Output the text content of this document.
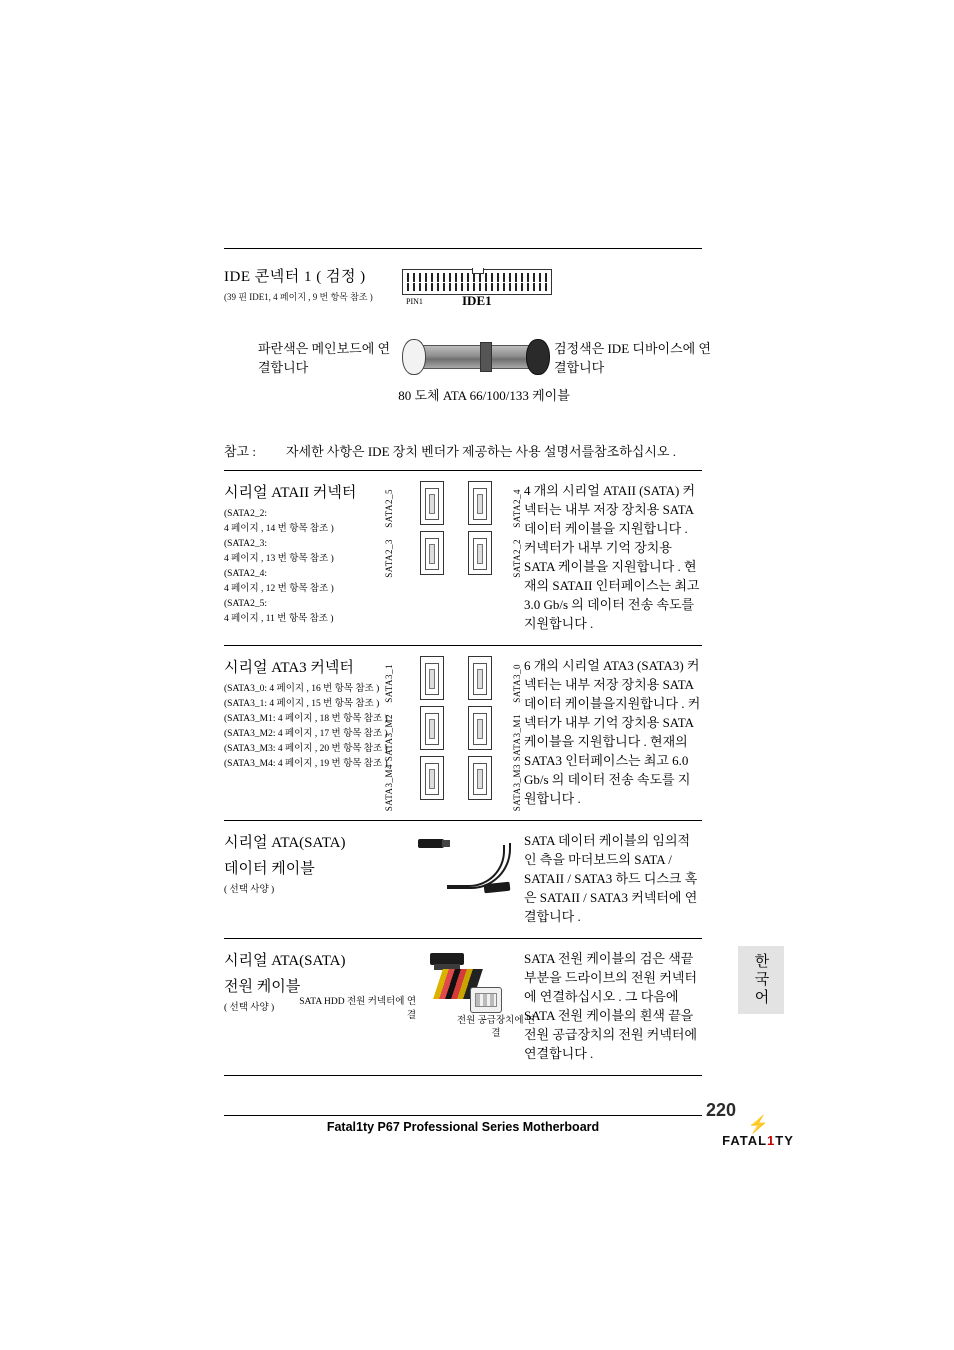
IDE 콘넥터 1 ( 검정 )
(39 핀 IDE1, 4 페이지 , 9 번 항목 참조 )	PIN1	IDE1
파란색은 메인보드에 연결합니다
검정색은 IDE 디바이스에 연결합니다
80 도체 ATA 66/100/133 케이블
참고 :	자세한 사항은 IDE 장치 벤더가 제공하는 사용 설명서를참조하십시오 .
시리얼 ATAII 커넥터
(SATA2_2:
4 페이지 , 14 번 항목 참조 )
(SATA2_3:
4 페이지 , 13 번 항목 참조 )
(SATA2_4:
4 페이지 , 12 번 항목 참조 )
(SATA2_5:
4 페이지 , 11 번 항목 참조 )
SATA2_5	SATA2_4
SATA2_3	SATA2_2
4 개의 시리얼 ATAII (SATA) 커넥터는 내부 저장 장치용 SATA 데이터 케이블을 지원합니다 . 커넥터가 내부 기억 장치용 SATA 케이블을 지원합니다 . 현재의 SATAII 인터페이스는 최고 3.0 Gb/s 의 데이터 전송 속도를 지원합니다 .
시리얼 ATA3 커넥터
(SATA3_0: 4 페이지 , 16 번 항목 참조 )
(SATA3_1: 4 페이지 , 15 번 항목 참조 )
(SATA3_M1: 4 페이지 , 18 번 항목 참조 )
(SATA3_M2: 4 페이지 , 17 번 항목 참조 )
(SATA3_M3: 4 페이지 , 20 번 항목 참조 )
(SATA3_M4: 4 페이지 , 19 번 항목 참조 )
SATA3_1	SATA3_0
SATA3_M2	SATA3_M1
SATA3_M4	SATA3_M3
6 개의 시리얼 ATA3 (SATA3) 커넥터는 내부 저장 장치용 SATA 데이터 케이블을지원합니다 . 커넥터가 내부 기억 장치용 SATA 케이블을 지원합니다 . 현재의 SATA3 인터페이스는 최고 6.0 Gb/s 의 데이터 전송 속도를 지원합니다 .
시리얼 ATA(SATA)
데이터 케이블
( 선택 사양 )
SATA 데이터 케이블의 임의적인 측을 마더보드의 SATA / SATAII / SATA3 하드 디스크 혹은 SATAII / SATA3 커넥터에 연결합니다 .
시리얼 ATA(SATA)
전원 케이블
( 선택 사양 )
SATA HDD 전원 커넥터에 연결	전원 공급장치에 연결
SATA 전원 케이블의 검은 색끝부분을 드라이브의 전원 커넥터에 연결하십시오 . 그 다음에 SATA 전원 케이블의 흰색 끝을 전원 공급장치의 전원 커넥터에 연결합니다 .
한국어
220
Fatal1ty P67 Professional Series Motherboard	⚡
FATAL1TY
